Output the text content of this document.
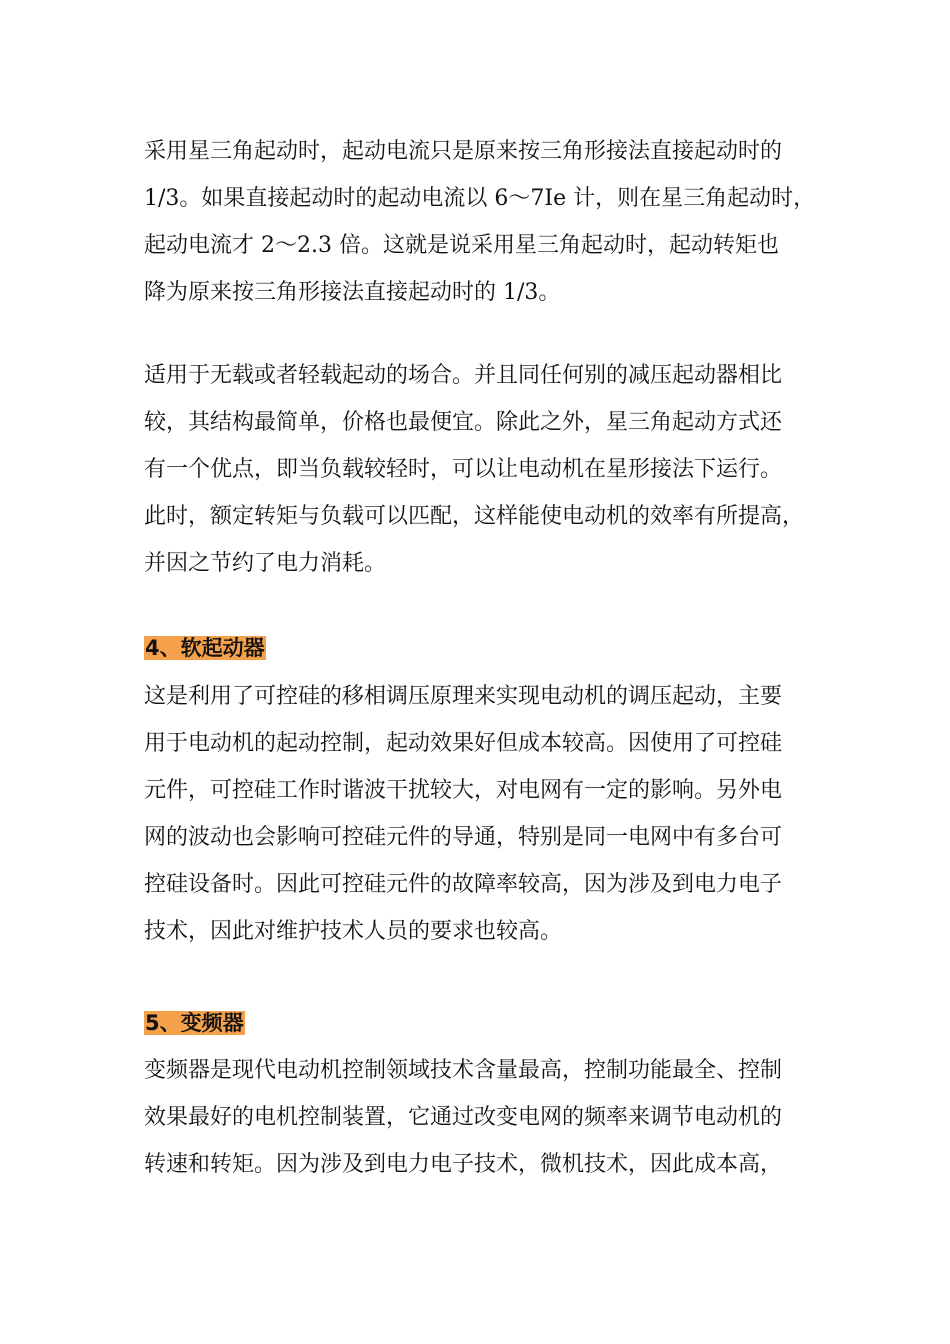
采用星三角起动时，起动电流只是原来按三角形接法直接起动时的
1/3。如果直接起动时的起动电流以 6～7Ie 计，则在星三角起动时，
起动电流才 2～2.3 倍。这就是说采用星三角起动时，起动转矩也
降为原来按三角形接法直接起动时的 1/3。
适用于无载或者轻载起动的场合。并且同任何别的减压起动器相比
较，其结构最简单，价格也最便宜。除此之外，星三角起动方式还
有一个优点，即当负载较轻时，可以让电动机在星形接法下运行。
此时，额定转矩与负载可以匹配，这样能使电动机的效率有所提高，
并因之节约了电力消耗。
4、软起动器
这是利用了可控硅的移相调压原理来实现电动机的调压起动，主要
用于电动机的起动控制，起动效果好但成本较高。因使用了可控硅
元件，可控硅工作时谐波干扰较大，对电网有一定的影响。另外电
网的波动也会影响可控硅元件的导通，特别是同一电网中有多台可
控硅设备时。因此可控硅元件的故障率较高，因为涉及到电力电子
技术，因此对维护技术人员的要求也较高。
5、变频器
变频器是现代电动机控制领域技术含量最高，控制功能最全、控制
效果最好的电机控制装置，它通过改变电网的频率来调节电动机的
转速和转矩。因为涉及到电力电子技术，微机技术，因此成本高，
